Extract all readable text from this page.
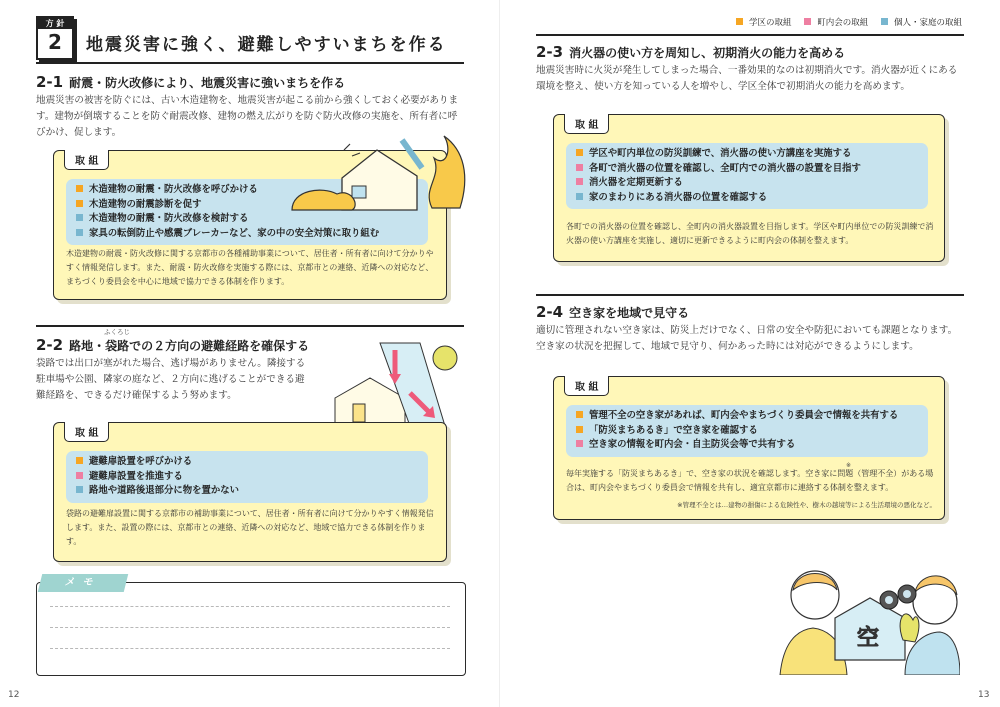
方 針
2	地震災害に強く、避難しやすいまちを作る
2-1 耐震・防火改修により、地震災害に強いまちを作る
地震災害の被害を防ぐには、古い木造建物を、地震災害が起こる前から強くしておく必要があります。建物が倒壊することを防ぐ耐震改修、建物の燃え広がりを防ぐ防火改修の実施を、所有者に呼びかけ、促します。
取 組
木造建物の耐震・防火改修を呼びかける
木造建物の耐震診断を促す
木造建物の耐震・防火改修を検討する
家具の転倒防止や感震ブレーカーなど、家の中の安全対策に取り組む
木造建物の耐震・防火改修に関する京都市の各種補助事業について、居住者・所有者に向けて分かりやすく情報発信します。また、耐震・防火改修を実施する際には、京都市との連絡、近隣への対応など、まちづくり委員会を中心に地域で協力できる体制を作ります。
ふくろじ
2-2 路地・袋路での２方向の避難経路を確保する
袋路では出口が塞がれた場合、逃げ場がありません。隣接する駐車場や公園、隣家の庭など、２方向に逃げることができる避難経路を、できるだけ確保するよう努めます。
取 組
避難扉設置を呼びかける
避難扉設置を推進する
路地や道路後退部分に物を置かない
袋路の避難扉設置に関する京都市の補助事業について、居住者・所有者に向けて分かりやすく情報発信します。また、設置の際には、京都市との連絡、近隣への対応など、地域で協力できる体制を作ります。
メモ
12
学区の取組	町内会の取組	個人・家庭の取組
2-3 消火器の使い方を周知し、初期消火の能力を高める
地震災害時に火災が発生してしまった場合、一番効果的なのは初期消火です。消火器が近くにある環境を整え、使い方を知っている人を増やし、学区全体で初期消火の能力を高めます。
取 組
学区や町内単位の防災訓練で、消火器の使い方講座を実施する
各町で消火器の位置を確認し、全町内での消火器の設置を目指す
消火器を定期更新する
家のまわりにある消火器の位置を確認する
各町での消火器の位置を確認し、全町内の消火器設置を目指します。学区や町内単位での防災訓練で消火器の使い方講座を実施し、適切に更新できるように町内会の体制を整えます。
2-4 空き家を地域で見守る
適切に管理されない空き家は、防災上だけでなく、日常の安全や防犯においても課題となります。空き家の状況を把握して、地域で見守り、何かあった時には対応ができるようにします。
取 組
管理不全の空き家があれば、町内会やまちづくり委員会で情報を共有する
「防災まちあるき」で空き家を確認する
空き家の情報を町内会・自主防災会等で共有する
※
毎年実施する「防災まちあるき」で、空き家の状況を確認します。空き家に問題（管理不全）がある場合は、町内会やまちづくり委員会で情報を共有し、適宜京都市に連絡する体制を整えます。
※管理不全とは…建物の損傷による危険性や、樹木の越境等による生活環境の悪化など。
空
13
